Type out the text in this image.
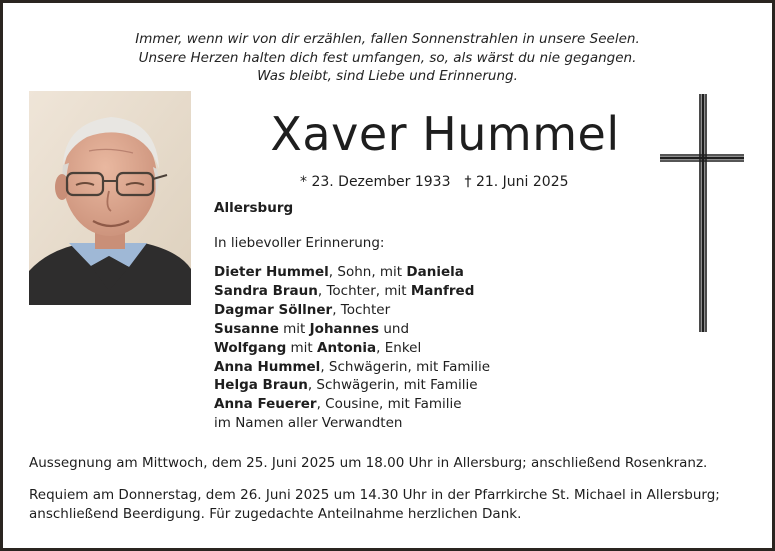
Immer, wenn wir von dir erzählen, fallen Sonnenstrahlen in unsere Seelen.
Unsere Herzen halten dich fest umfangen, so, als wärst du nie gegangen.
Was bleibt, sind Liebe und Erinnerung.
Xaver Hummel
* 23. Dezember 1933 † 21. Juni 2025
Allersburg
In liebevoller Erinnerung:
Dieter Hummel, Sohn, mit Daniela
Sandra Braun, Tochter, mit Manfred
Dagmar Söllner, Tochter
Susanne mit Johannes und
Wolfgang mit Antonia, Enkel
Anna Hummel, Schwägerin, mit Familie
Helga Braun, Schwägerin, mit Familie
Anna Feuerer, Cousine, mit Familie
im Namen aller Verwandten
Aussegnung am Mittwoch, dem 25. Juni 2025 um 18.00 Uhr in Allersburg; anschließend Rosenkranz.
Requiem am Donnerstag, dem 26. Juni 2025 um 14.30 Uhr in der Pfarrkirche St. Michael in Allersburg; anschließend Beerdigung. Für zugedachte Anteilnahme herzlichen Dank.
